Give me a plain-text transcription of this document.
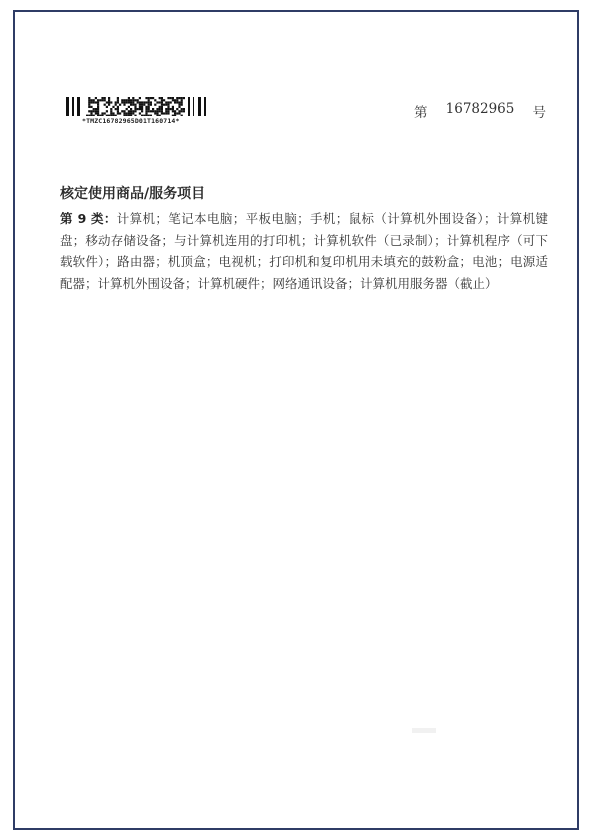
*TMZC16782965D01T160714*	第 16782965 号
核定使用商品/服务项目

第 9 类：计算机；笔记本电脑；平板电脑；手机；鼠标（计算机外围设备）；计算机键盘；移动存储设备；与计算机连用的打印机；计算机软件（已录制）；计算机程序（可下载软件）；路由器；机顶盒；电视机；打印机和复印机用未填充的鼓粉盒；电池；电源适配器；计算机外围设备；计算机硬件；网络通讯设备；计算机用服务器（截止）
